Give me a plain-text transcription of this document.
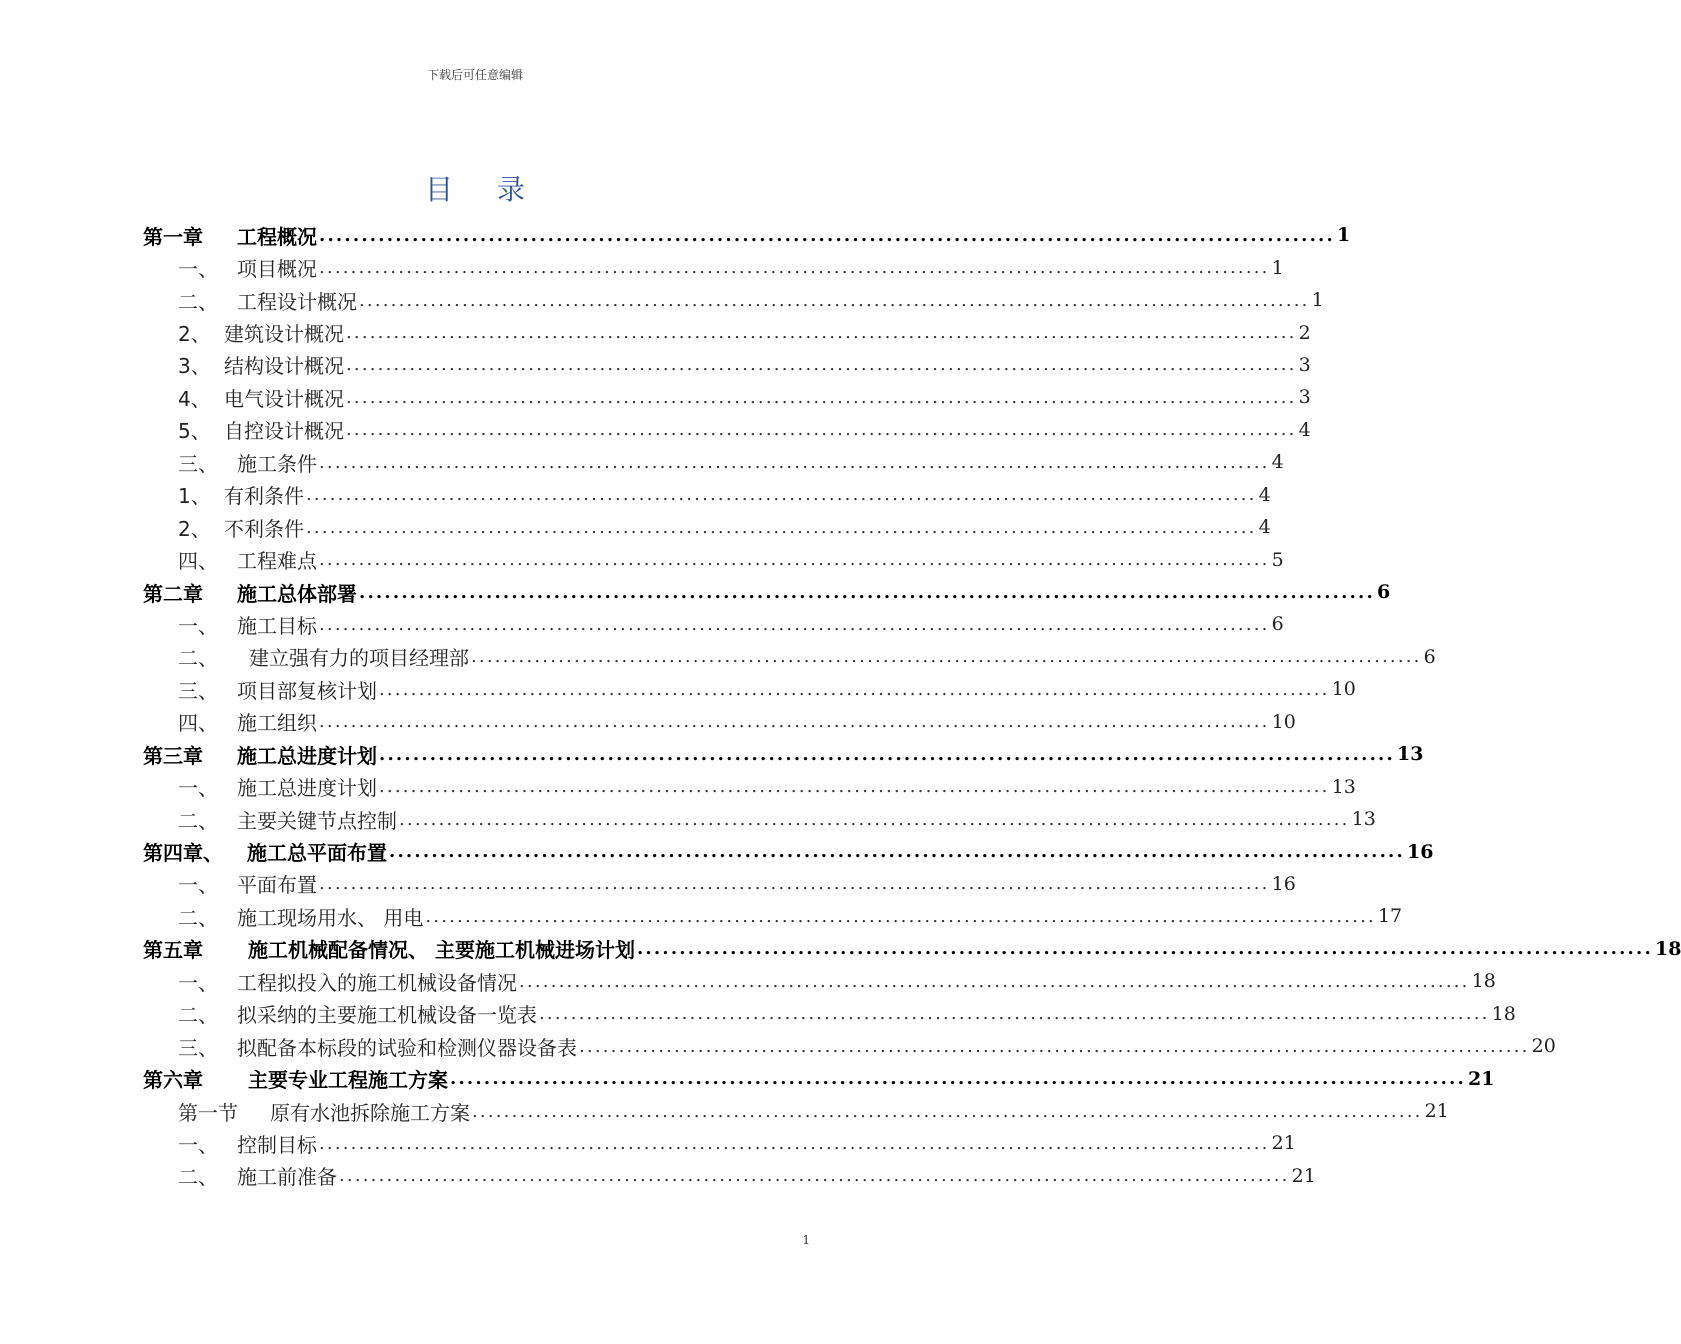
下载后可任意编辑
目 录
第一章	工程概况 ........................................................................................................................ 1
一、 项目概况 ........................................................................................................................ 1
二、 工程设计概况 ........................................................................................................................ 1
2、 建筑设计概况 ........................................................................................................................ 2
3、 结构设计概况 ........................................................................................................................ 3
4、 电气设计概况 ........................................................................................................................ 3
5、 自控设计概况 ........................................................................................................................ 4
三、 施工条件 ........................................................................................................................ 4
1、 有利条件 ........................................................................................................................ 4
2、 不利条件 ........................................................................................................................ 4
四、 工程难点 ........................................................................................................................ 5
第二章	施工总体部署 ........................................................................................................................ 6
一、 施工目标 ........................................................................................................................ 6
二、	建立强有力的项目经理部 ........................................................................................................................ 6
三、 项目部复核计划 ........................................................................................................................ 10
四、 施工组织 ........................................................................................................................ 10
第三章	施工总进度计划 ........................................................................................................................ 13
一、 施工总进度计划 ........................................................................................................................ 13
二、 主要关键节点控制 ........................................................................................................................ 13
第四章、	施工总平面布置 ........................................................................................................................ 16
一、 平面布置 ........................................................................................................................ 16
二、 施工现场用水、 用电 ........................................................................................................................ 17
第五章	施工机械配备情况、 主要施工机械进场计划 ........................................................................................................................ 18
一、 工程拟投入的施工机械设备情况 ........................................................................................................................ 18
二、 拟采纳的主要施工机械设备一览表 ........................................................................................................................ 18
三、 拟配备本标段的试验和检测仪器设备表 ........................................................................................................................ 20
第六章	主要专业工程施工方案 ........................................................................................................................ 21
第一节	原有水池拆除施工方案 ........................................................................................................................ 21
一、 控制目标 ........................................................................................................................ 21
二、 施工前准备 ........................................................................................................................ 21
1
